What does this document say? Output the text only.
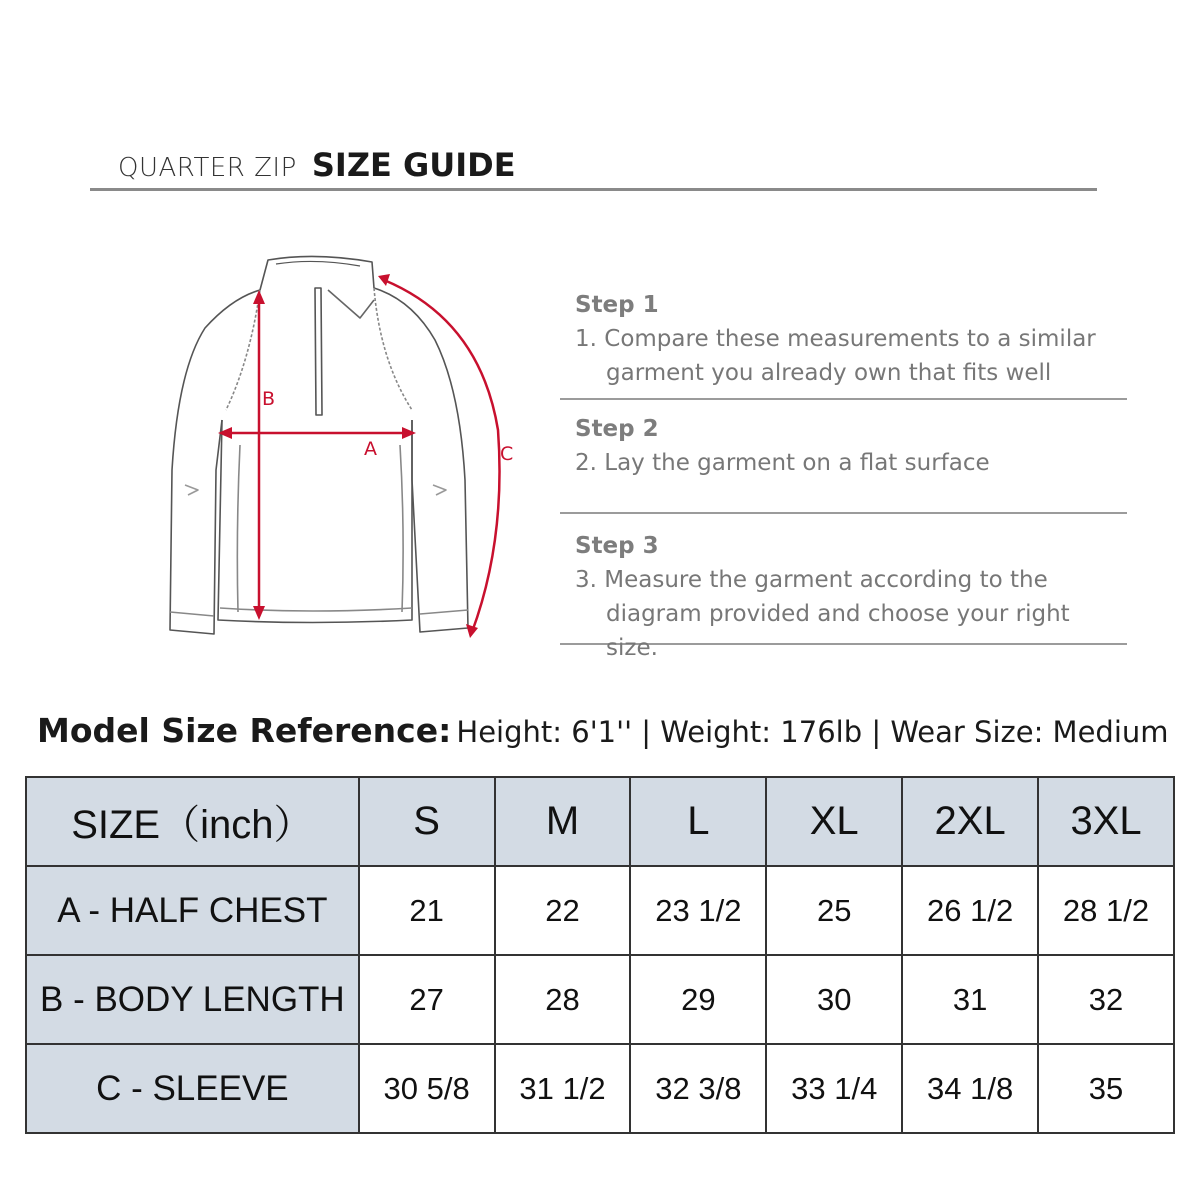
QUARTER ZIP SIZE GUIDE
B
A	C
Step 1
1. Compare these measurements to a similar
garment you already own that fits well
Step 2
2. Lay the garment on a flat surface
Step 3
3. Measure the garment according to the
diagram provided and choose your right size.
Model Size Reference: Height: 6'1'' | Weight: 176lb | Wear Size: Medium
SIZE（inch）	S	M	L	XL	2XL	3XL
A - HALF CHEST	21	22	23 1/2	25	26 1/2	28 1/2
B - BODY LENGTH	27	28	29	30	31	32
C - SLEEVE	30 5/8	31 1/2	32 3/8	33 1/4	34 1/8	35
